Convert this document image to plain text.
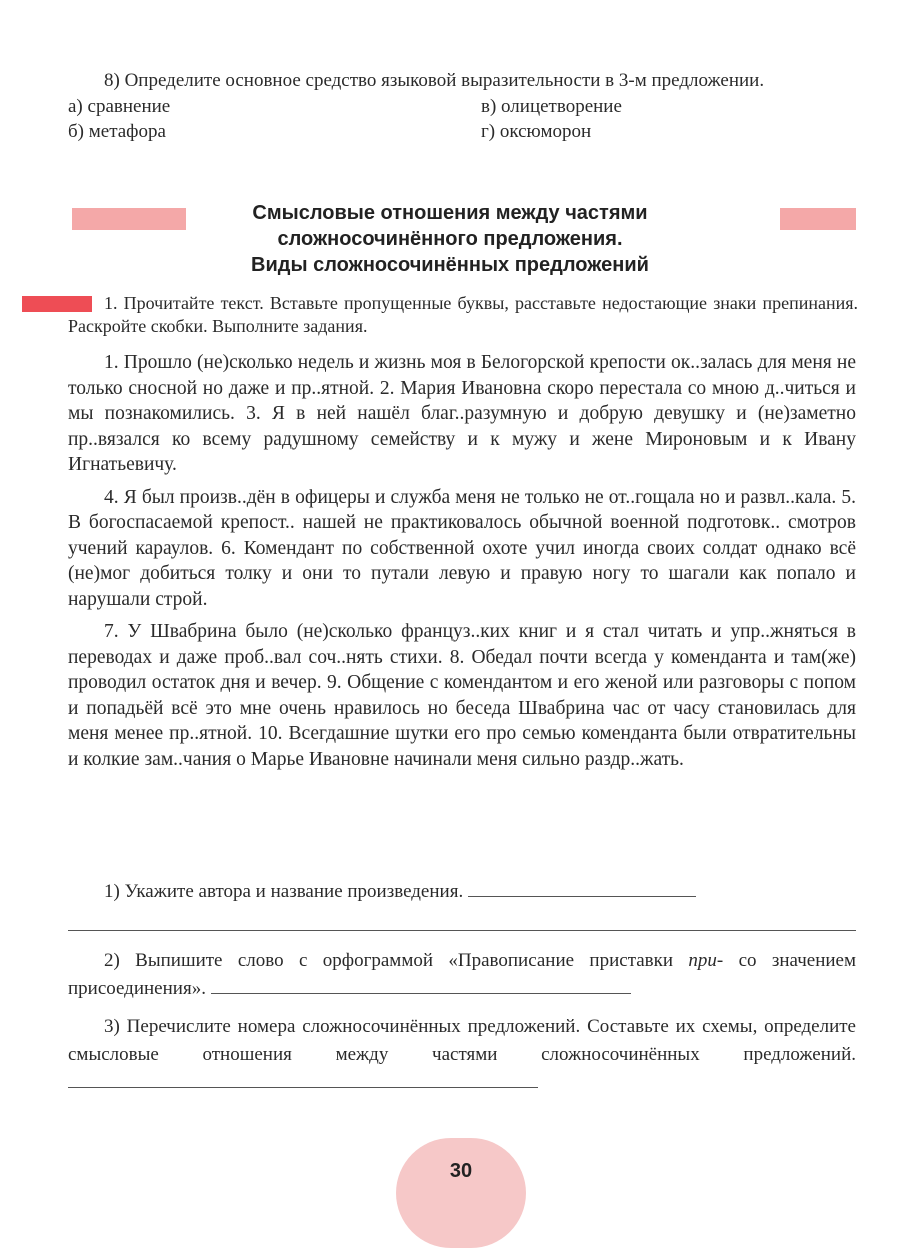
8) Определите основное средство языковой выразительности в 3-м предложении.
а) сравнение	в) олицетворение
б) метафора	г) оксюморон
Смысловые отношения между частями
сложносочинённого предложения.
Виды сложносочинённых предложений
1. Прочитайте текст. Вставьте пропущенные буквы, расставьте недостающие знаки препинания. Раскройте скобки. Выполните задания.

1. Прошло (не)сколько недель и жизнь моя в Белогорской крепости ок..залась для меня не только сносной но даже и пр..ятной. 2. Мария Ивановна скоро перестала со мною д..читься и мы познакомились. 3. Я в ней нашёл благ..разумную и добрую девушку и (не)заметно пр..вязался ко всему радушному семейству и к мужу и жене Мироновым и к Ивану Игнатьевичу.

4. Я был произв..дён в офицеры и служба меня не только не от..гощала но и развл..кала. 5. В богоспасаемой крепост.. нашей не практиковалось обычной военной подготовк.. смотров учений караулов. 6. Комендант по собственной охоте учил иногда своих солдат однако всё (не)мог добиться толку и они то путали левую и правую ногу то шагали как попало и нарушали строй.

7. У Швабрина было (не)сколько француз..ких книг и я стал читать и упр..жняться в переводах и даже проб..вал соч..нять стихи. 8. Обедал почти всегда у коменданта и там(же) проводил остаток дня и вечер. 9. Общение с комендантом и его женой или разговоры с попом и попадьёй всё это мне очень нравилось но беседа Швабрина час от часу становилась для меня менее пр..ятной. 10. Всегдашние шутки его про семью коменданта были отвратительны и колкие зам..чания о Марье Ивановне начинали меня сильно раздр..жать.

1) Укажите автора и название произведения.

2) Выпишите слово с орфограммой «Правописание приставки при- со значением присоединения».

3) Перечислите номера сложносочинённых предложений. Составьте их схемы, определите смысловые отношения между частями сложносочинённых предложений.

30
